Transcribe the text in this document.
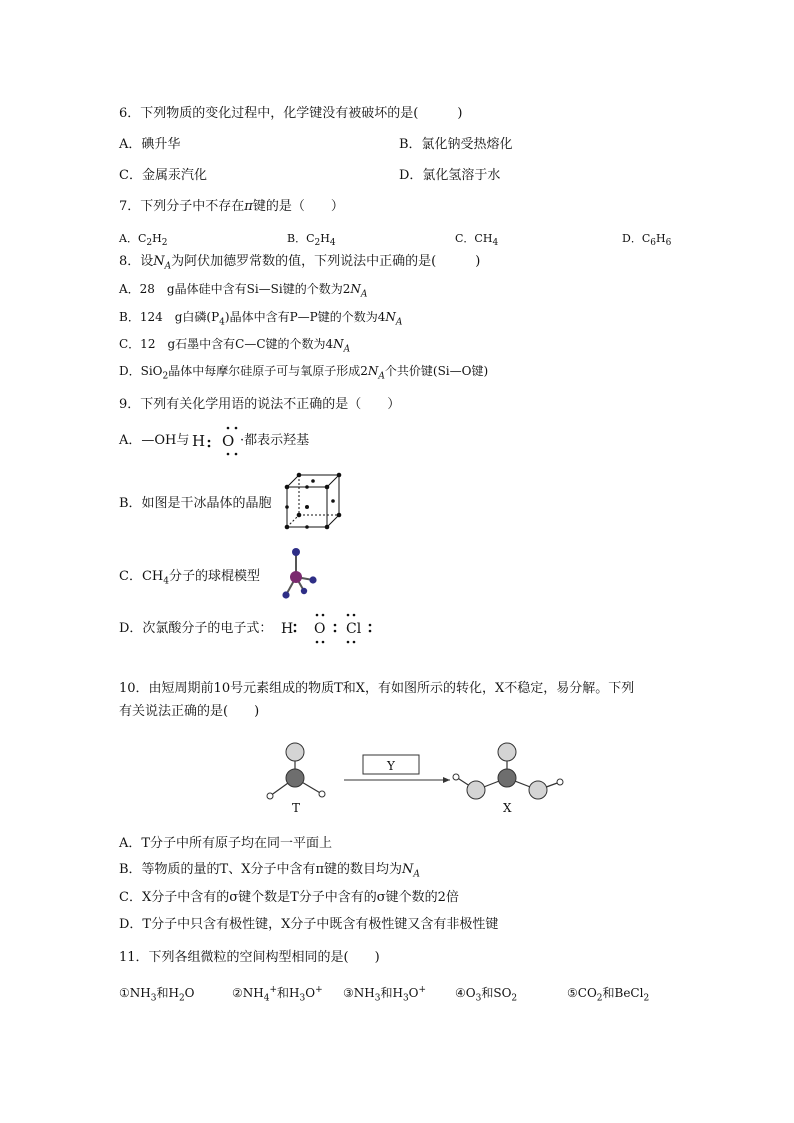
6．下列物质的变化过程中，化学键没有被破坏的是(　　　)
A．碘升华	B．氯化钠受热熔化
C．金属汞汽化	D．氯化氢溶于水
7．下列分子中不存在π键的是（　　）
A．$C_2H_2$	B．$C_2H_4$	C．$CH_4$	D．$C_6H_6$
8．设$N_A$为阿伏加德罗常数的值，下列说法中正确的是(　　　)
A．28　g晶体硅中含有Si—Si键的个数为$2N_A$
B．124　g白磷$(P_4)$晶体中含有P—P键的个数为$4N_A$
C．12　g石墨中含有C—C键的个数为$4N_A$
D．SiO$_2$晶体中每摩尔硅原子可与氧原子形成$2N_A$个共价键(Si—O键)
9．下列有关化学用语的说法不正确的是（　　）
A．—OH与 H O ·都表示羟基
B．如图是干冰晶体的晶胞
C．$CH_4$分子的球棍模型
D．次氯酸分子的电子式： H O Cl
10．由短周期前10号元素组成的物质T和X，有如图所示的转化，X不稳定，易分解。下列
有关说法正确的是(　　)
Y
T	X
A．T分子中所有原子均在同一平面上
B．等物质的量的T、X分子中含有π键的数目均为$N_A$
C．X分子中含有的σ键个数是T分子中含有的σ键个数的2倍
D．T分子中只含有极性键，X分子中既含有极性键又含有非极性键
11．下列各组微粒的空间构型相同的是(　　)
$①NH_3$和$H_2O$	$②NH_4^+$和$H_3O^+$ $③NH_3$和$H_3O^+$ $④O_3$和$SO_2$	$⑤CO_2$和BeCl$_2$
